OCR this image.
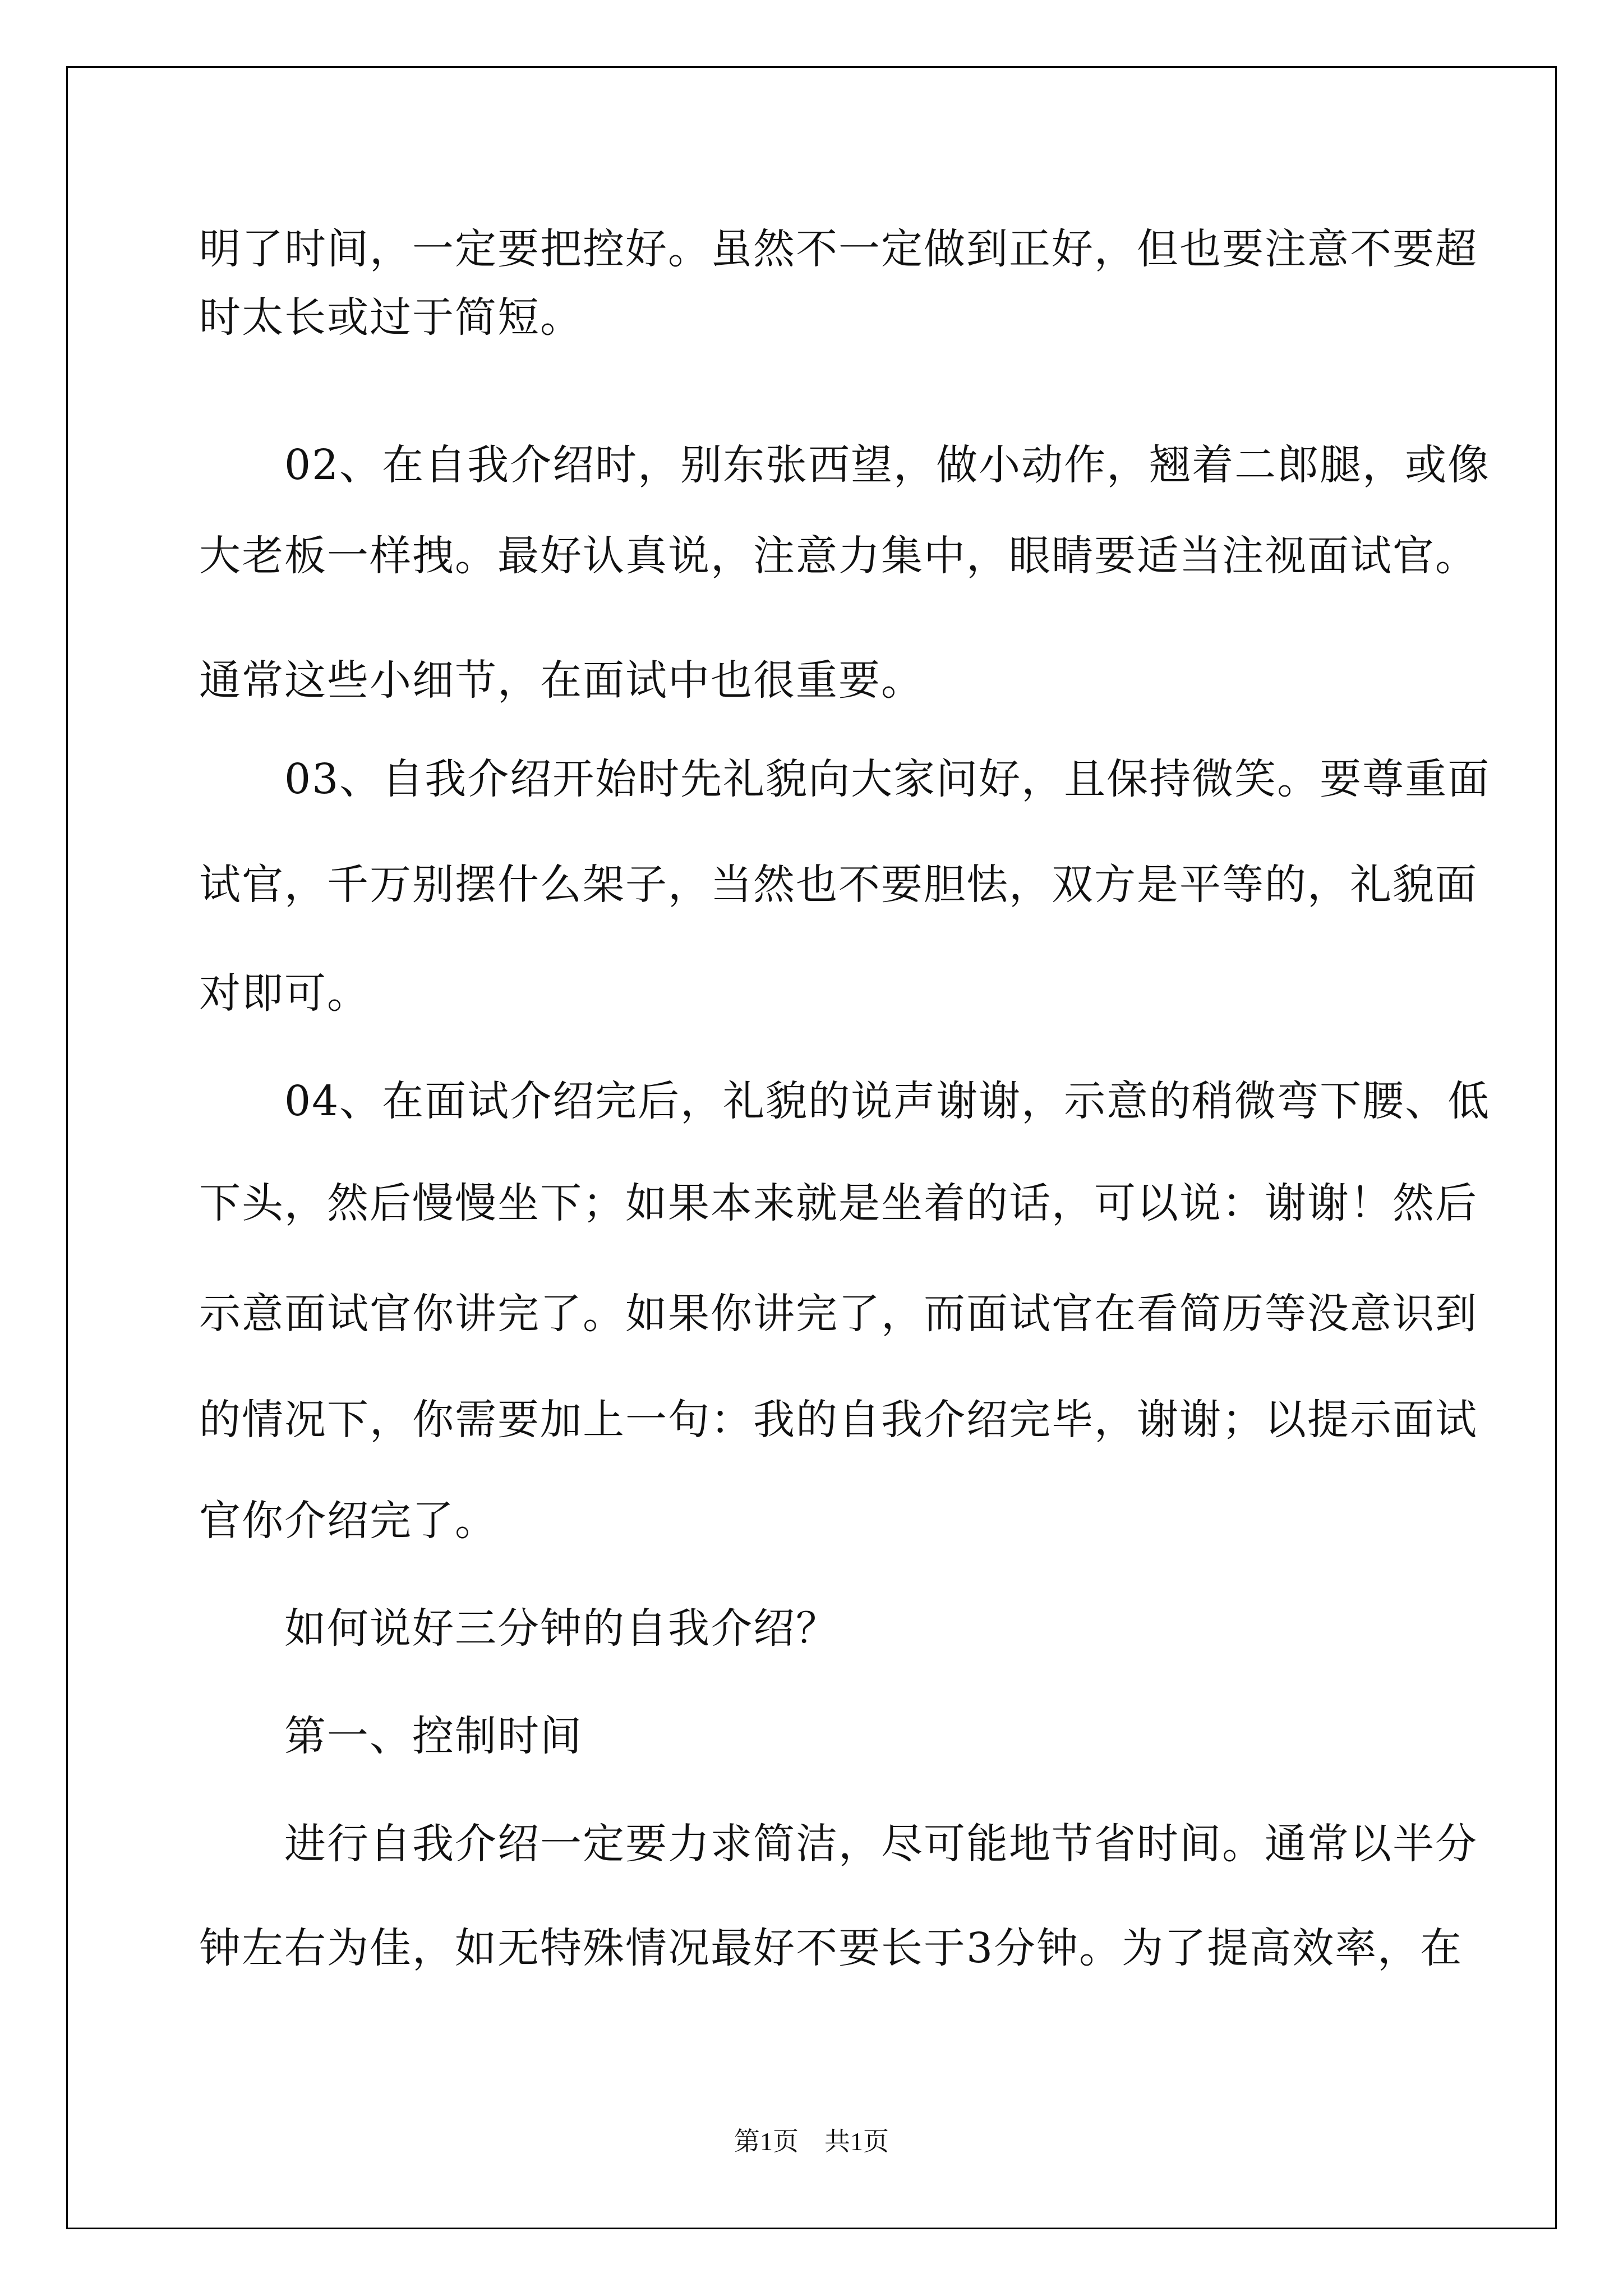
明了时间，一定要把控好。虽然不一定做到正好，但也要注意不要超

时太长或过于简短。

　　02、在自我介绍时，别东张西望，做小动作，翘着二郎腿，或像

大老板一样拽。最好认真说，注意力集中，眼睛要适当注视面试官。

通常这些小细节，在面试中也很重要。

　　03、自我介绍开始时先礼貌向大家问好，且保持微笑。要尊重面

试官，千万别摆什么架子，当然也不要胆怯，双方是平等的，礼貌面

对即可。

　　04、在面试介绍完后，礼貌的说声谢谢，示意的稍微弯下腰、低

下头，然后慢慢坐下；如果本来就是坐着的话，可以说：谢谢！然后

示意面试官你讲完了。如果你讲完了，而面试官在看简历等没意识到

的情况下，你需要加上一句：我的自我介绍完毕，谢谢；以提示面试

官你介绍完了。

　　如何说好三分钟的自我介绍？

　　第一、控制时间

　　进行自我介绍一定要力求简洁，尽可能地节省时间。通常以半分

钟左右为佳，如无特殊情况最好不要长于3分钟。为了提高效率，在

第1页　共1页
